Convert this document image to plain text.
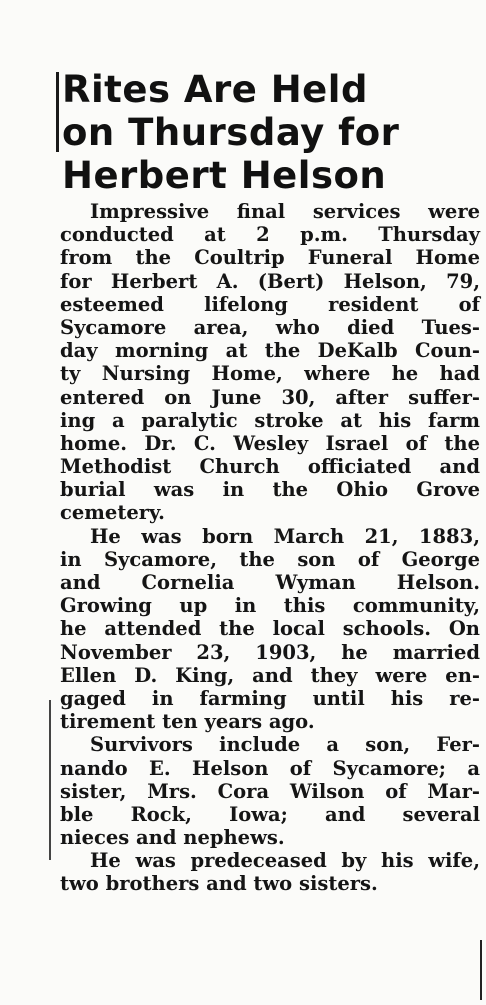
Rites Are Held
on Thursday for
Herbert Helson
Impressive final services were
conducted at 2 p.m. Thursday
from the Coultrip Funeral Home
for Herbert A. (Bert) Helson, 79,
esteemed lifelong resident of
Sycamore area, who died Tues-
day morning at the DeKalb Coun-
ty Nursing Home, where he had
entered on June 30, after suffer-
ing a paralytic stroke at his farm
home. Dr. C. Wesley Israel of the
Methodist Church officiated and
burial was in the Ohio Grove
cemetery.
He was born March 21, 1883,
in Sycamore, the son of George
and Cornelia Wyman Helson.
Growing up in this community,
he attended the local schools. On
November 23, 1903, he married
Ellen D. King, and they were en-
gaged in farming until his re-
tirement ten years ago.
Survivors include a son, Fer-
nando E. Helson of Sycamore; a
sister, Mrs. Cora Wilson of Mar-
ble Rock, Iowa; and several
nieces and nephews.
He was predeceased by his wife,
two brothers and two sisters.
